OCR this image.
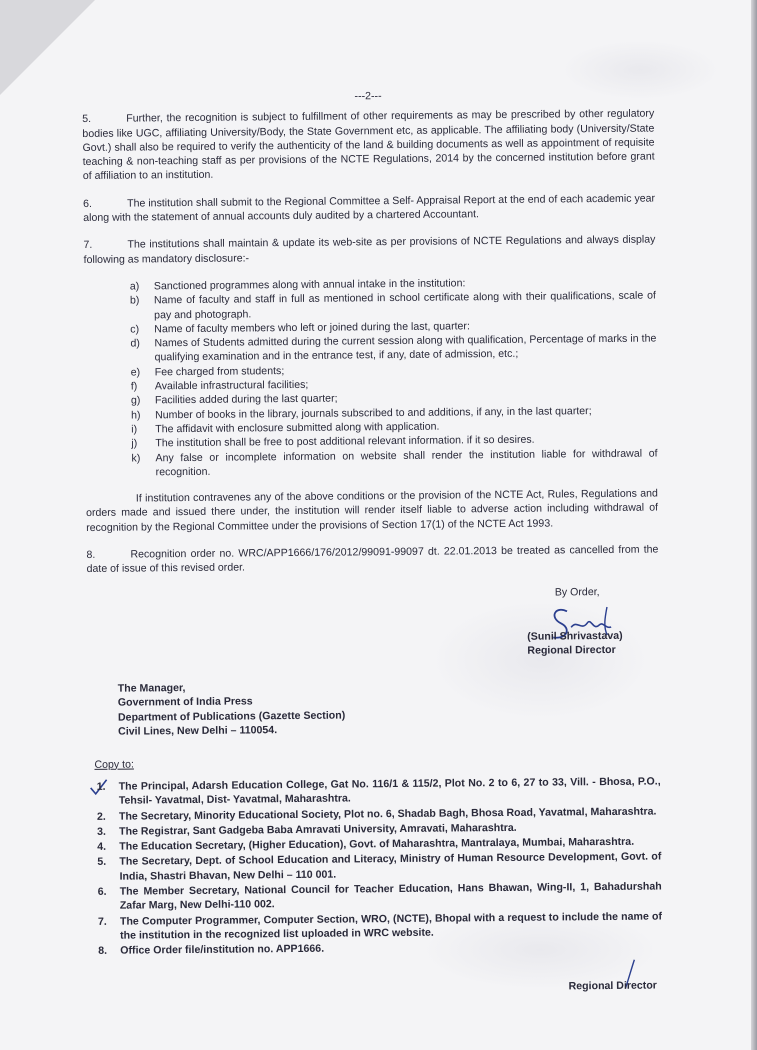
---2---

5.	Further, the recognition is subject to fulfillment of other requirements as may be prescribed by other regulatory bodies like UGC, affiliating University/Body, the State Government etc, as applicable. The affiliating body (University/State Govt.) shall also be required to verify the authenticity of the land & building documents as well as appointment of requisite teaching & non-teaching staff as per provisions of the NCTE Regulations, 2014 by the concerned institution before grant of affiliation to an institution.

6.	The institution shall submit to the Regional Committee a Self- Appraisal Report at the end of each academic year along with the statement of annual accounts duly audited by a chartered Accountant.

7.	The institutions shall maintain & update its web-site as per provisions of NCTE Regulations and always display following as mandatory disclosure:-

a) Sanctioned programmes along with annual intake in the institution:
b) Name of faculty and staff in full as mentioned in school certificate along with their qualifications, scale of pay and photograph.
c) Name of faculty members who left or joined during the last, quarter:
d) Names of Students admitted during the current session along with qualification, Percentage of marks in the qualifying examination and in the entrance test, if any, date of admission, etc.;
e) Fee charged from students;
f) Available infrastructural facilities;
g) Facilities added during the last quarter;
h) Number of books in the library, journals subscribed to and additions, if any, in the last quarter;
i) The affidavit with enclosure submitted along with application.
j) The institution shall be free to post additional relevant information. if it so desires.
k) Any false or incomplete information on website shall render the institution liable for withdrawal of recognition.

If institution contravenes any of the above conditions or the provision of the NCTE Act, Rules, Regulations and orders made and issued there under, the institution will render itself liable to adverse action including withdrawal of recognition by the Regional Committee under the provisions of Section 17(1) of the NCTE Act 1993.

8.	Recognition order no. WRC/APP1666/176/2012/99091-99097 dt. 22.01.2013 be treated as cancelled from the date of issue of this revised order.

By Order,
(Sunil Shrivastava)
Regional Director
The Manager,
Government of India Press
Department of Publications (Gazette Section)
Civil Lines, New Delhi – 110054.
Copy to:
1. The Principal, Adarsh Education College, Gat No. 116/1 & 115/2, Plot No. 2 to 6, 27 to 33, Vill. - Bhosa, P.O., Tehsil- Yavatmal, Dist- Yavatmal, Maharashtra.
2. The Secretary, Minority Educational Society, Plot no. 6, Shadab Bagh, Bhosa Road, Yavatmal, Maharashtra.
3. The Registrar, Sant Gadgeba Baba Amravati University, Amravati, Maharashtra.
4. The Education Secretary, (Higher Education), Govt. of Maharashtra, Mantralaya, Mumbai, Maharashtra.
5. The Secretary, Dept. of School Education and Literacy, Ministry of Human Resource Development, Govt. of India, Shastri Bhavan, New Delhi – 110 001.
6. The Member Secretary, National Council for Teacher Education, Hans Bhawan, Wing-II, 1, Bahadurshah Zafar Marg, New Delhi-110 002.
7. The Computer Programmer, Computer Section, WRO, (NCTE), Bhopal with a request to include the name of the institution in the recognized list uploaded in WRC website.
8. Office Order file/institution no. APP1666.
Regional Director
